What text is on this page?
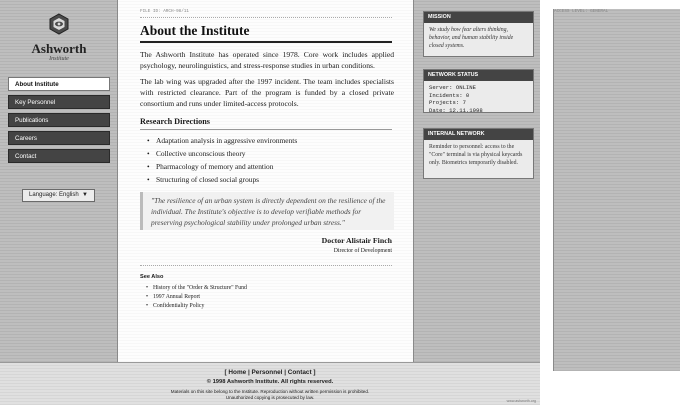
Ashworth
Institute
About Institute
Key Personnel
Publications
Careers
Contact
Language: English ▼
FILE ID: ARCH-98/11	ACCESS LEVEL: GENERAL
About the Institute

The Ashworth Institute has operated since 1978. Core work includes applied psychology, neurolinguistics, and stress-response studies in urban conditions.

The lab wing was upgraded after the 1997 incident. The team includes specialists with restricted clearance. Part of the program is funded by a closed private consortium and runs under limited-access protocols.

Research Directions
• Adaptation analysis in aggressive environments
• Collective unconscious theory
• Pharmacology of memory and attention
• Structuring of closed social groups
"The resilience of an urban system is directly dependent on the resilience of the individual. The Institute's objective is to develop verifiable methods for preserving psychological stability under prolonged urban stress."
Doctor Alistair Finch
Director of Development
See Also
• History of the "Order & Structure" Fund
• 1997 Annual Report
• Confidentiality Policy
MISSION
We study how fear alters thinking, behavior, and human stability inside closed systems.
NETWORK STATUS
Server: ONLINE
Incidents: 0
Projects: 7
Date: 12.11.1998
INTERNAL NETWORK
Reminder to personnel: access to the "Core" terminal is via physical keycards only. Biometrics temporarily disabled.
[ Home | Personnel | Contact ]
© 1998 Ashworth Institute. All rights reserved.
Materials on this site belong to the Institute. Reproduction without written permission is prohibited.
Unauthorized copying is prosecuted by law.
www.ashworth.org
